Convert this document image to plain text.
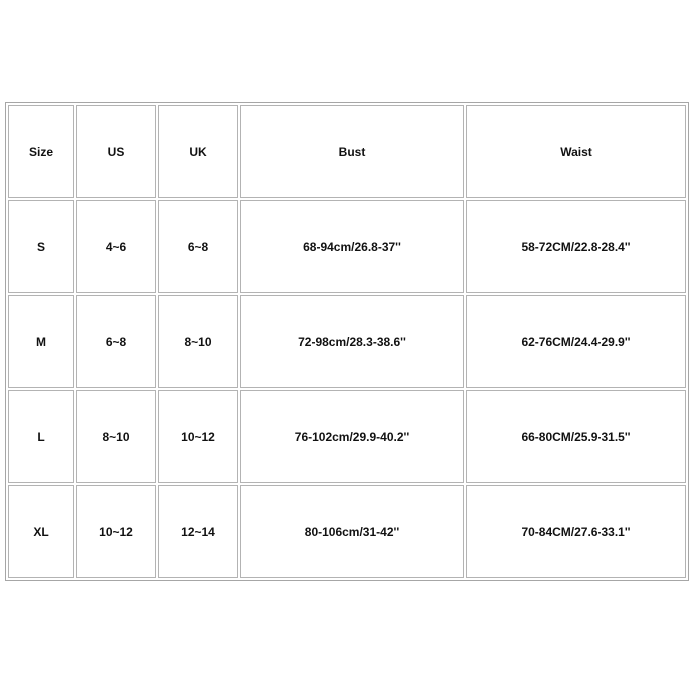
Size	US	UK	Bust	Waist
S	4~6	6~8	68-94cm/26.8-37''	58-72CM/22.8-28.4''
M	6~8	8~10	72-98cm/28.3-38.6''	62-76CM/24.4-29.9''
L	8~10	10~12	76-102cm/29.9-40.2''	66-80CM/25.9-31.5''
XL	10~12	12~14	80-106cm/31-42''	70-84CM/27.6-33.1''
